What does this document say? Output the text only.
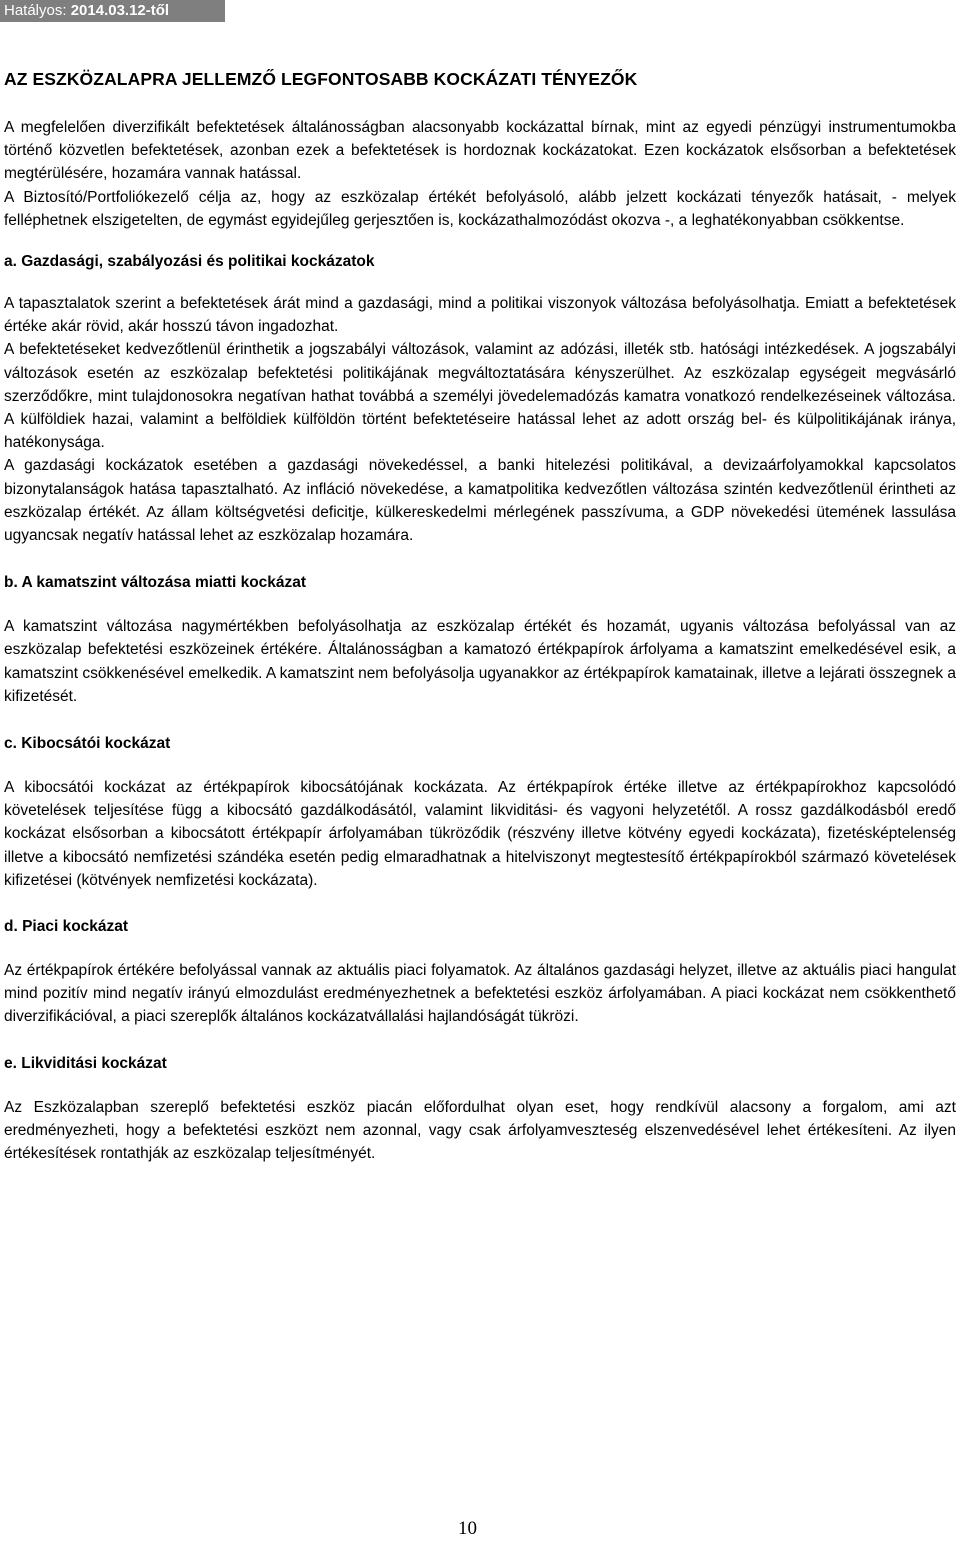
Hatályos: 2014.03.12-től
AZ ESZKÖZALAPRA JELLEMZŐ LEGFONTOSABB KOCKÁZATI TÉNYEZŐK

A megfelelően diverzifikált befektetések általánosságban alacsonyabb kockázattal bírnak, mint az egyedi pénzügyi instrumentumokba történő közvetlen befektetések, azonban ezek a befektetések is hordoznak kockázatokat. Ezen kockázatok elsősorban a befektetések megtérülésére, hozamára vannak hatással.

A Biztosító/Portfoliókezelő célja az, hogy az eszközalap értékét befolyásoló, alább jelzett kockázati tényezők hatásait, - melyek felléphetnek elszigetelten, de egymást egyidejűleg gerjesztően is, kockázathalmozódást okozva -, a leghatékonyabban csökkentse.

a. Gazdasági, szabályozási és politikai kockázatok

A tapasztalatok szerint a befektetések árát mind a gazdasági, mind a politikai viszonyok változása befolyásolhatja. Emiatt a befektetések értéke akár rövid, akár hosszú távon ingadozhat.

A befektetéseket kedvezőtlenül érinthetik a jogszabályi változások, valamint az adózási, illeték stb. hatósági intézkedések. A jogszabályi változások esetén az eszközalap befektetési politikájának megváltoztatására kényszerülhet. Az eszközalap egységeit megvásárló szerződőkre, mint tulajdonosokra negatívan hathat továbbá a személyi jövedelemadózás kamatra vonatkozó rendelkezéseinek változása. A külföldiek hazai, valamint a belföldiek külföldön történt befektetéseire hatással lehet az adott ország bel- és külpolitikájának iránya, hatékonysága.

A gazdasági kockázatok esetében a gazdasági növekedéssel, a banki hitelezési politikával, a devizaárfolyamokkal kapcsolatos bizonytalanságok hatása tapasztalható. Az infláció növekedése, a kamatpolitika kedvezőtlen változása szintén kedvezőtlenül érintheti az eszközalap értékét. Az állam költségvetési deficitje, külkereskedelmi mérlegének passzívuma, a GDP növekedési ütemének lassulása ugyancsak negatív hatással lehet az eszközalap hozamára.

b. A kamatszint változása miatti kockázat

A kamatszint változása nagymértékben befolyásolhatja az eszközalap értékét és hozamát, ugyanis változása befolyással van az eszközalap befektetési eszközeinek értékére. Általánosságban a kamatozó értékpapírok árfolyama a kamatszint emelkedésével esik, a kamatszint csökkenésével emelkedik. A kamatszint nem befolyásolja ugyanakkor az értékpapírok kamatainak, illetve a lejárati összegnek a kifizetését.

c. Kibocsátói kockázat

A kibocsátói kockázat az értékpapírok kibocsátójának kockázata. Az értékpapírok értéke illetve az értékpapírokhoz kapcsolódó követelések teljesítése függ a kibocsátó gazdálkodásától, valamint likviditási- és vagyoni helyzetétől. A rossz gazdálkodásból eredő kockázat elsősorban a kibocsátott értékpapír árfolyamában tükröződik (részvény illetve kötvény egyedi kockázata), fizetésképtelenség illetve a kibocsátó nemfizetési szándéka esetén pedig elmaradhatnak a hitelviszonyt megtestesítő értékpapírokból származó követelések kifizetései (kötvények nemfizetési kockázata).

d. Piaci kockázat

Az értékpapírok értékére befolyással vannak az aktuális piaci folyamatok. Az általános gazdasági helyzet, illetve az aktuális piaci hangulat mind pozitív mind negatív irányú elmozdulást eredményezhetnek a befektetési eszköz árfolyamában. A piaci kockázat nem csökkenthető diverzifikációval, a piaci szereplők általános kockázatvállalási hajlandóságát tükrözi.

e. Likviditási kockázat

Az Eszközalapban szereplő befektetési eszköz piacán előfordulhat olyan eset, hogy rendkívül alacsony a forgalom, ami azt eredményezheti, hogy a befektetési eszközt nem azonnal, vagy csak árfolyamveszteség elszenvedésével lehet értékesíteni. Az ilyen értékesítések rontathják az eszközalap teljesítményét.

10
